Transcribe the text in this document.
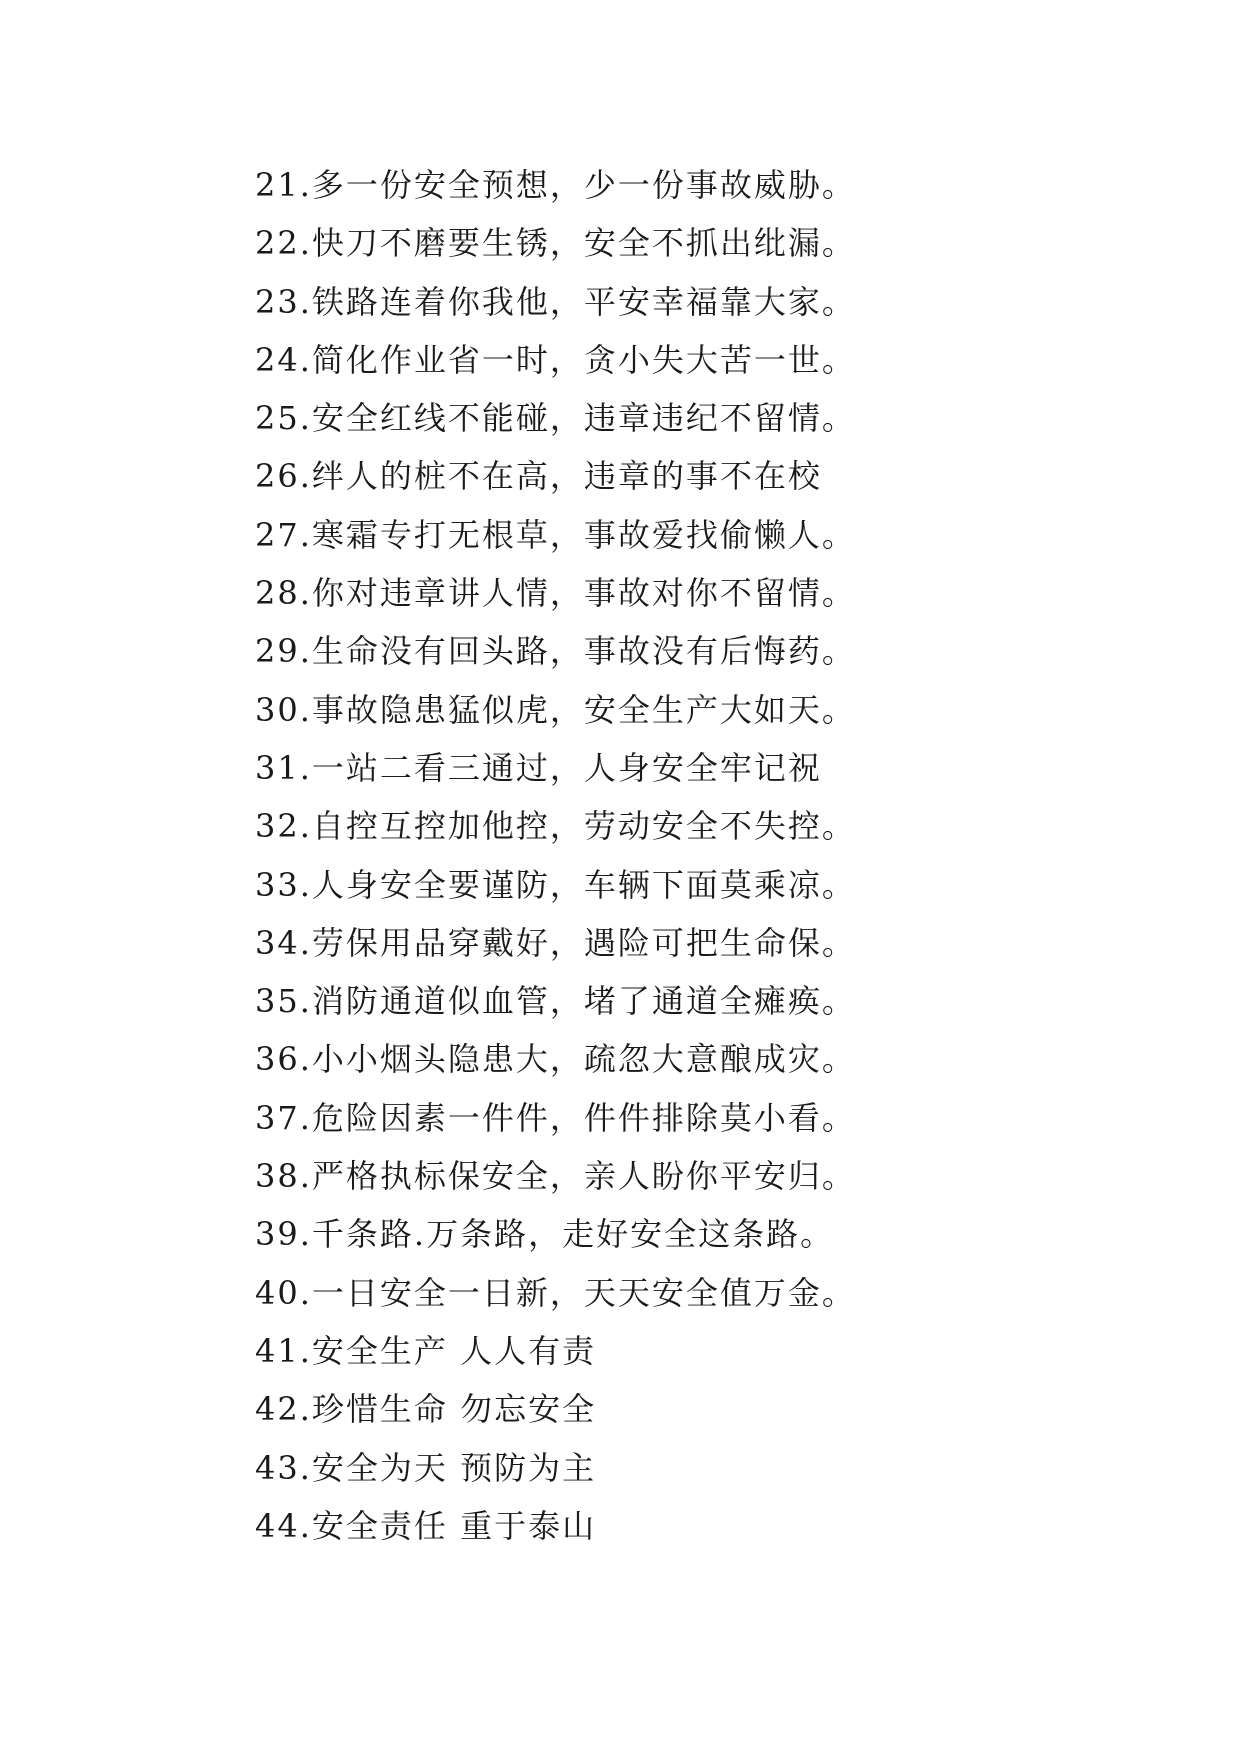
21.多一份安全预想，少一份事故威胁。
22.快刀不磨要生锈，安全不抓出纰漏。
23.铁路连着你我他，平安幸福靠大家。
24.简化作业省一时，贪小失大苦一世。
25.安全红线不能碰，违章违纪不留情。
26.绊人的桩不在高，违章的事不在校
27.寒霜专打无根草，事故爱找偷懒人。
28.你对违章讲人情，事故对你不留情。
29.生命没有回头路，事故没有后悔药。
30.事故隐患猛似虎，安全生产大如天。
31.一站二看三通过，人身安全牢记祝
32.自控互控加他控，劳动安全不失控。
33.人身安全要谨防，车辆下面莫乘凉。
34.劳保用品穿戴好，遇险可把生命保。
35.消防通道似血管，堵了通道全瘫痪。
36.小小烟头隐患大，疏忽大意酿成灾。
37.危险因素一件件，件件排除莫小看。
38.严格执标保安全，亲人盼你平安归。
39.千条路.万条路，走好安全这条路。
40.一日安全一日新，天天安全值万金。
41.安全生产 人人有责
42.珍惜生命 勿忘安全
43.安全为天 预防为主
44.安全责任 重于泰山
